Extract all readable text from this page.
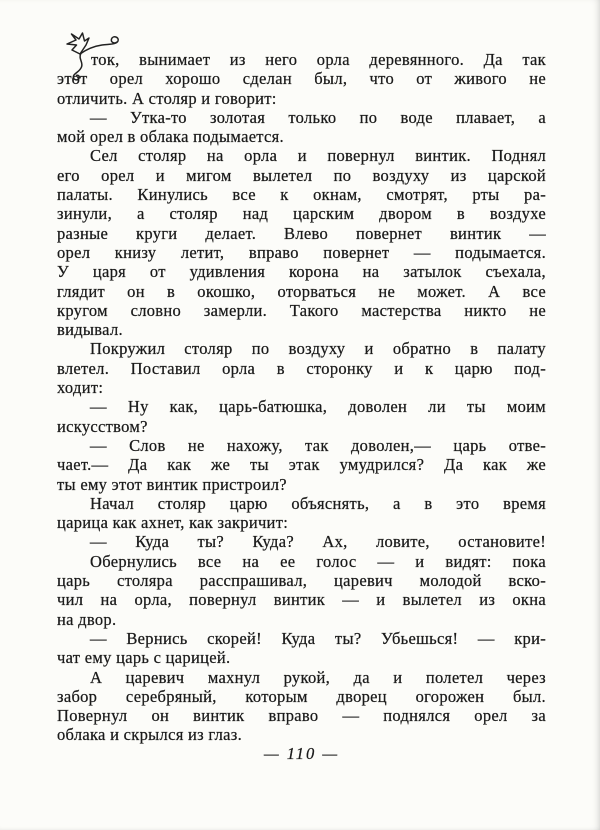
ток, вынимает из него орла деревянного. Да так
этот орел хорошо сделан был, что от живого не
отличить. А столяр и говорит:
— Утка-то золотая только по воде плавает, а
мой орел в облака подымается.
Сел столяр на орла и повернул винтик. Поднял
его орел и мигом вылетел по воздуху из царской
палаты. Кинулись все к окнам, смотрят, рты ра-
зинули, а столяр над царским двором в воздухе
разные круги делает. Влево повернет винтик —
орел книзу летит, вправо повернет — подымается.
У царя от удивления корона на затылок съехала,
глядит он в окошко, оторваться не может. А все
кругом словно замерли. Такого мастерства никто не
видывал.
Покружил столяр по воздуху и обратно в палату
влетел. Поставил орла в сторонку и к царю под-
ходит:
— Ну как, царь-батюшка, доволен ли ты моим
искусством?
— Слов не нахожу, так доволен,— царь отве-
чает.— Да как же ты этак умудрился? Да как же
ты ему этот винтик пристроил?
Начал столяр царю объяснять, а в это время
царица как ахнет, как закричит:
— Куда ты? Куда? Ах, ловите, остановите!
Обернулись все на ее голос — и видят: пока
царь столяра расспрашивал, царевич молодой вско-
чил на орла, повернул винтик — и вылетел из окна
на двор.
— Вернись скорей! Куда ты? Убьешься! — кри-
чат ему царь с царицей.
А царевич махнул рукой, да и полетел через
забор серебряный, которым дворец огорожен был.
Повернул он винтик вправо — поднялся орел за
облака и скрылся из глаз.
— 110 —
